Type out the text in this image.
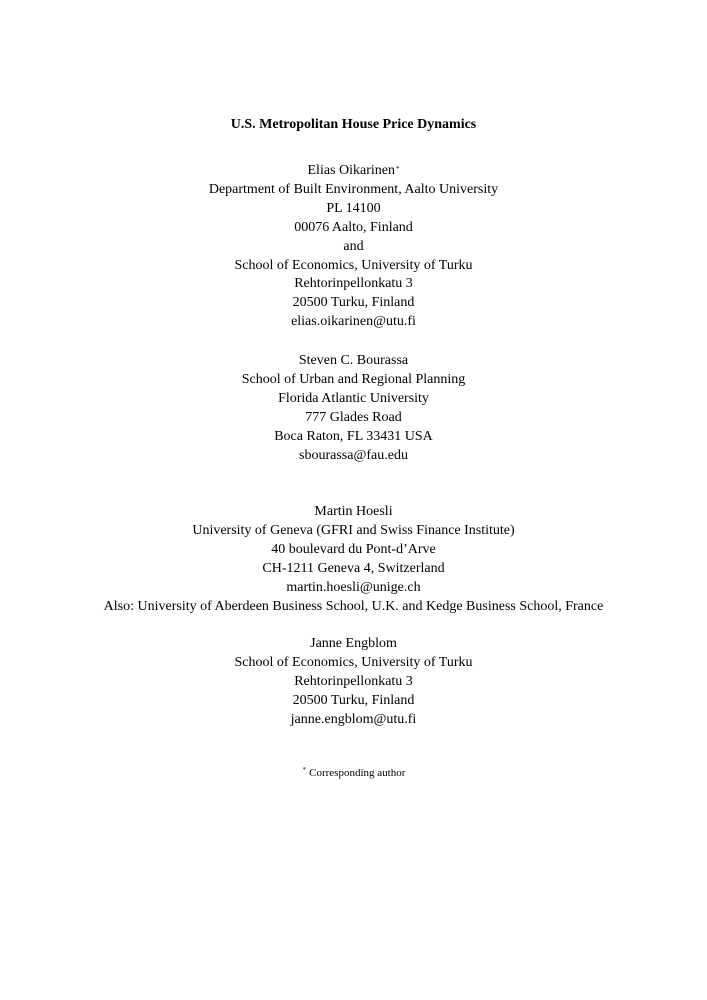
U.S. Metropolitan House Price Dynamics
Elias Oikarinen*
Department of Built Environment, Aalto University
PL 14100
00076 Aalto, Finland
and
School of Economics, University of Turku
Rehtorinpellonkatu 3
20500 Turku, Finland
elias.oikarinen@utu.fi
Steven C. Bourassa
School of Urban and Regional Planning
Florida Atlantic University
777 Glades Road
Boca Raton, FL 33431 USA
sbourassa@fau.edu
Martin Hoesli
University of Geneva (GFRI and Swiss Finance Institute)
40 boulevard du Pont-d’Arve
CH-1211 Geneva 4, Switzerland
martin.hoesli@unige.ch
Also: University of Aberdeen Business School, U.K. and Kedge Business School, France
Janne Engblom
School of Economics, University of Turku
Rehtorinpellonkatu 3
20500 Turku, Finland
janne.engblom@utu.fi
* Corresponding author
